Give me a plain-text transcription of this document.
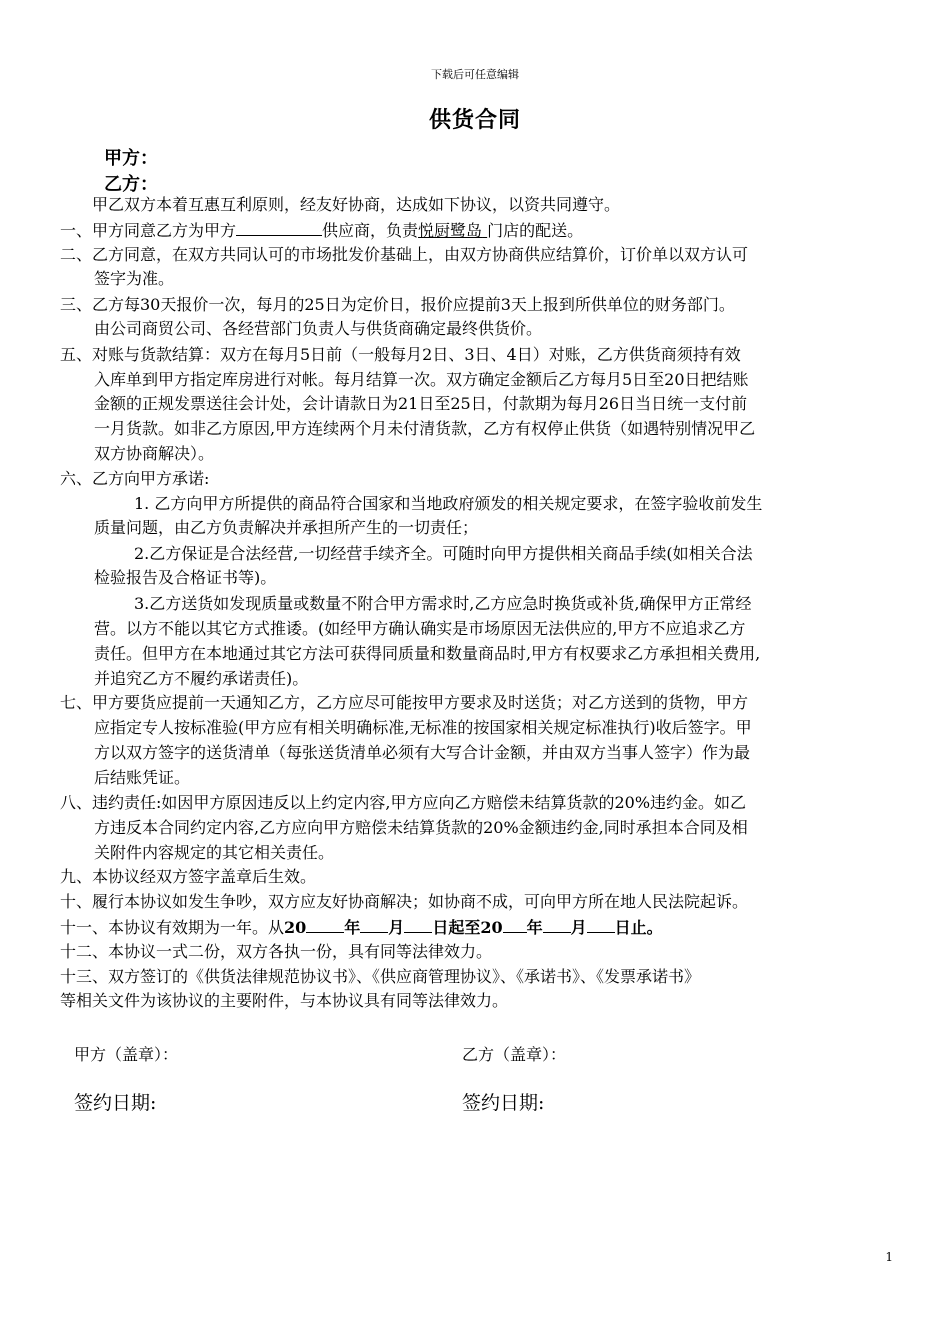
下载后可任意编辑
供货合同
甲方：
乙方：
甲乙双方本着互惠互利原则，经友好协商，达成如下协议，以资共同遵守。
一、甲方同意乙方为甲方	供应商，负责悦厨鹭岛 门店的配送。
二、乙方同意，在双方共同认可的市场批发价基础上，由双方协商供应结算价，订价单以双方认可
签字为准。
三、乙方每30天报价一次，每月的25日为定价日，报价应提前3天上报到所供单位的财务部门。
由公司商贸公司、各经营部门负责人与供货商确定最终供货价。
五、对账与货款结算：双方在每月5日前（一般每月2日、3日、4日）对账，乙方供货商须持有效
入库单到甲方指定库房进行对帐。每月结算一次。双方确定金额后乙方每月5日至20日把结账
金额的正规发票送往会计处，会计请款日为21日至25日，付款期为每月26日当日统一支付前
一月货款。如非乙方原因,甲方连续两个月未付清货款，乙方有权停止供货（如遇特别情况甲乙
双方协商解决）。
六、乙方向甲方承诺:
1. 乙方向甲方所提供的商品符合国家和当地政府颁发的相关规定要求，在签字验收前发生
质量问题，由乙方负责解决并承担所产生的一切责任；
2.乙方保证是合法经营,一切经营手续齐全。可随时向甲方提供相关商品手续(如相关合法
检验报告及合格证书等)。
3.乙方送货如发现质量或数量不附合甲方需求时,乙方应急时换货或补货,确保甲方正常经
营。以方不能以其它方式推诿。(如经甲方确认确实是市场原因无法供应的,甲方不应追求乙方
责任。但甲方在本地通过其它方法可获得同质量和数量商品时,甲方有权要求乙方承担相关费用,
并追究乙方不履约承诺责任)。
七、甲方要货应提前一天通知乙方，乙方应尽可能按甲方要求及时送货；对乙方送到的货物，甲方
应指定专人按标准验(甲方应有相关明确标准,无标准的按国家相关规定标准执行)收后签字。甲
方以双方签字的送货清单（每张送货清单必须有大写合计金额，并由双方当事人签字）作为最
后结账凭证。
八、违约责任:如因甲方原因违反以上约定内容,甲方应向乙方赔偿未结算货款的20%违约金。如乙
方违反本合同约定内容,乙方应向甲方赔偿未结算货款的20%金额违约金,同时承担本合同及相
关附件内容规定的其它相关责任。
九、本协议经双方签字盖章后生效。
十、履行本协议如发生争吵，双方应友好协商解决；如协商不成，可向甲方所在地人民法院起诉。
十一、本协议有效期为一年。从20 年 月 日起至20 年 月 日止。
十二、本协议一式二份，双方各执一份，具有同等法律效力。
十三、双方签订的《供货法律规范协议书》、《供应商管理协议》、《承诺书》、《发票承诺书》
等相关文件为该协议的主要附件，与本协议具有同等法律效力。
甲方（盖章）：	乙方（盖章）：
签约日期:	签约日期:
1
